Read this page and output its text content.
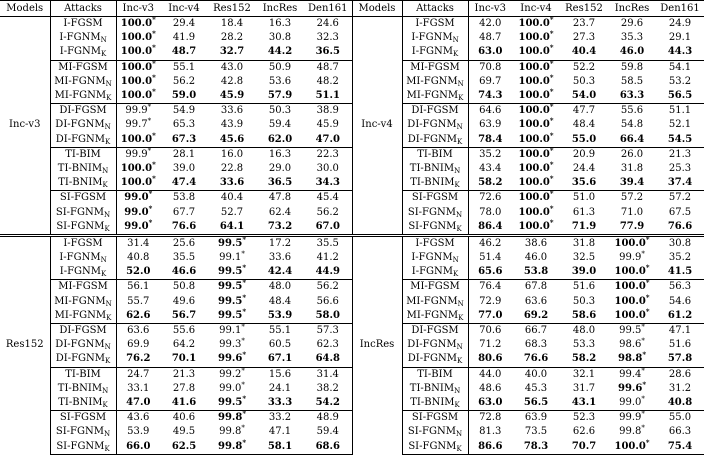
Models	Attacks	Inc-v3	Inc-v4	Res152	IncRes	Den161	Models	Attacks	Inc-v3	Inc-v4	Res152	IncRes	Den161
Inc-v3	I-FGSM	100.0*	29.4	18.4	16.3	24.6	Inc-v4	I-FGSM	42.0	100.0*	23.7	29.6	24.9
	$I-FGNM_N$	100.0*	41.9	28.2	30.8	32.3		$I-FGNM_N$	48.7	100.0*	27.3	35.3	29.1
	$I-FGNM_K$	100.0*	48.7	32.7	44.2	36.5		$I-FGNM_K$	63.0	100.0*	40.4	46.0	44.3
	MI-FGSM	100.0*	55.1	43.0	50.9	48.7		MI-FGSM	70.8	100.0*	52.2	59.8	54.1
	$MI-FGNM_N$	100.0*	56.2	42.8	53.6	48.2		$MI-FGNM_N$	69.7	100.0*	50.3	58.5	53.2
	$MI-FGNM_K$	100.0*	59.0	45.9	57.9	51.1		$MI-FGNM_K$	74.3	100.0*	54.0	63.3	56.5
	DI-FGSM	99.9*	54.9	33.6	50.3	38.9		DI-FGSM	64.6	100.0*	47.7	55.6	51.1
	$DI-FGNM_N$	99.7*	65.3	43.9	59.4	45.9		$DI-FGNM_N$	63.9	100.0*	48.4	54.8	52.1
	$DI-FGNM_K$	100.0*	67.3	45.6	62.0	47.0		$DI-FGNM_K$	78.4	100.0*	55.0	66.4	54.5
	TI-BIM	99.9*	28.1	16.0	16.3	22.3		TI-BIM	35.2	100.0*	20.9	26.0	21.3
	$TI-BNIM_N$	100.0*	39.0	22.8	29.0	30.0		$TI-BNIM_N$	43.4	100.0*	24.4	31.8	25.3
	$TI-BNIM_K$	100.0*	47.4	33.6	36.5	34.3		$TI-BNIM_K$	58.2	100.0*	35.6	39.4	37.4
	SI-FGSM	99.0*	53.8	40.4	47.8	45.4		SI-FGSM	72.6	100.0*	51.0	57.2	57.2
	$SI-FGNM_N$	99.0*	67.7	52.7	62.4	56.2		$SI-FGNM_N$	78.0	100.0*	61.3	71.0	67.5
	$SI-FGNM_K$	99.0*	76.6	64.1	73.2	67.0		$SI-FGNM_K$	86.4	100.0*	71.9	77.9	76.6
Res152	I-FGSM	31.4	25.6	99.5*	17.2	35.5	IncRes	I-FGSM	46.2	38.6	31.8	100.0*	30.8
	$I-FGNM_N$	40.8	35.5	99.1*	33.6	41.2		$I-FGNM_N$	51.4	46.0	32.5	99.9*	35.2
	$I-FGNM_K$	52.0	46.6	99.5*	42.4	44.9		$I-FGNM_K$	65.6	53.8	39.0	100.0*	41.5
	MI-FGSM	56.1	50.8	99.5*	48.0	56.2		MI-FGSM	76.4	67.8	51.6	100.0*	56.3
	$MI-FGNM_N$	55.7	49.6	99.5*	48.4	56.6		$MI-FGNM_N$	72.9	63.6	50.3	100.0*	54.6
	$MI-FGNM_K$	62.6	56.7	99.5*	53.9	58.0		$MI-FGNM_K$	77.0	69.2	58.6	100.0*	61.2
	DI-FGSM	63.6	55.6	99.1*	55.1	57.3		DI-FGSM	70.6	66.7	48.0	99.5*	47.1
	$DI-FGNM_N$	69.9	64.2	99.3*	60.5	62.3		$DI-FGNM_N$	71.2	68.3	53.3	98.6*	51.6
	$DI-FGNM_K$	76.2	70.1	99.6*	67.1	64.8		$DI-FGNM_K$	80.6	76.6	58.2	98.8*	57.8
	TI-BIM	24.7	21.3	99.2*	15.6	31.4		TI-BIM	44.0	40.0	32.1	99.4*	28.6
	$TI-BNIM_N$	33.1	27.8	99.0*	24.1	38.2		$TI-BNIM_N$	48.6	45.3	31.7	99.6*	31.2
	$TI-BNIM_K$	47.0	41.6	99.5*	33.3	54.2		$TI-BNIM_K$	63.0	56.5	43.1	99.0*	40.8
	SI-FGSM	43.6	40.6	99.8*	33.2	48.9		SI-FGSM	72.8	63.9	52.3	99.9*	55.0
	$SI-FGNM_N$	53.9	49.5	99.8*	47.1	59.4		$SI-FGNM_N$	81.3	73.5	62.6	99.8*	66.3
	$SI-FGNM_K$	66.0	62.5	99.8*	58.1	68.6		$SI-FGNM_K$	86.6	78.3	70.7	100.0*	75.4
